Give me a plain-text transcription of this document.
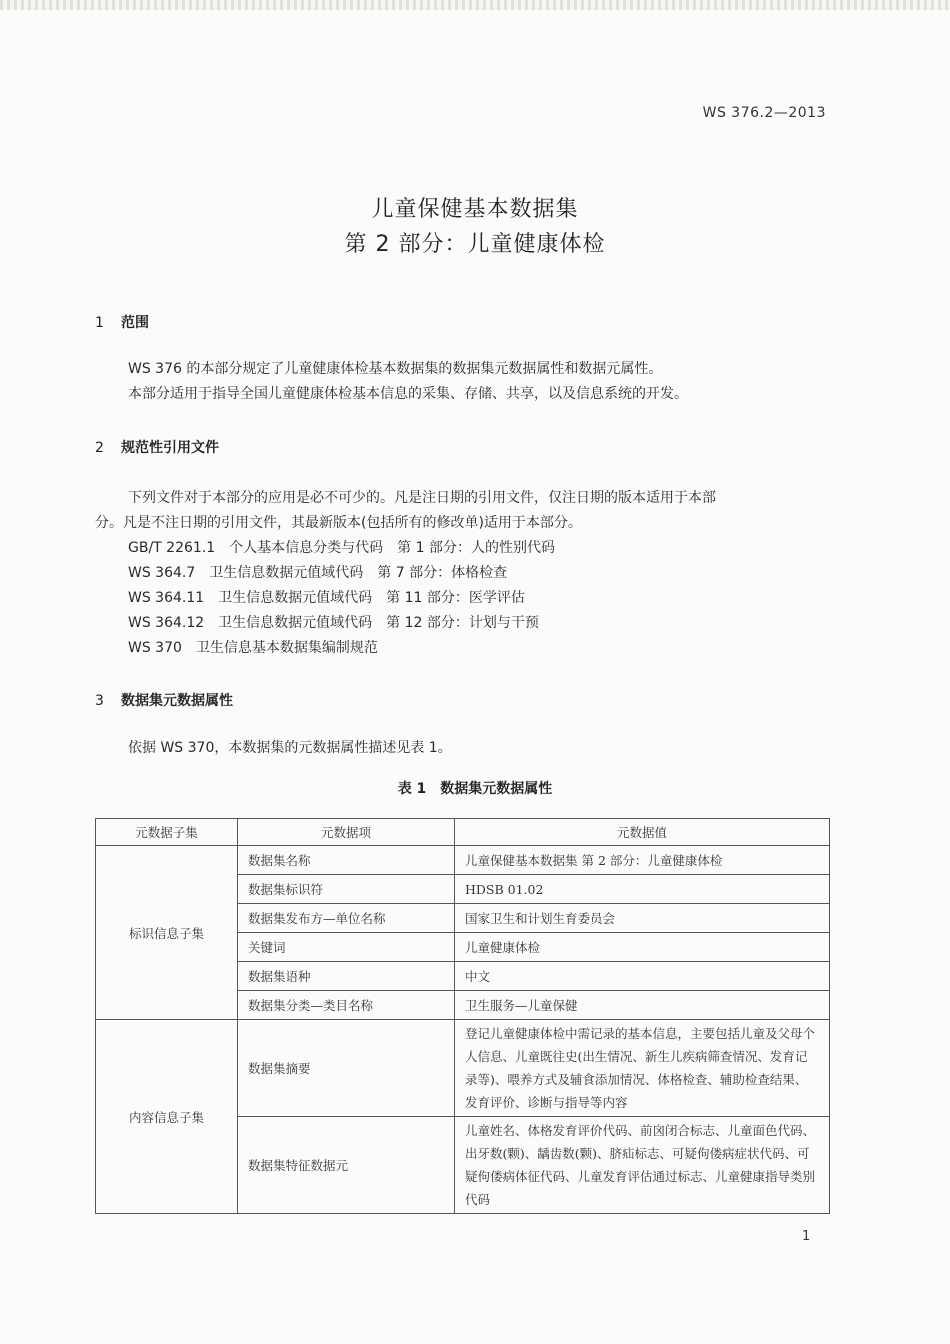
WS 376.2—2013
儿童保健基本数据集
第 2 部分：儿童健康体检
1 范围
WS 376 的本部分规定了儿童健康体检基本数据集的数据集元数据属性和数据元属性。
本部分适用于指导全国儿童健康体检基本信息的采集、存储、共享，以及信息系统的开发。
2 规范性引用文件
下列文件对于本部分的应用是必不可少的。凡是注日期的引用文件，仅注日期的版本适用于本部
分。凡是不注日期的引用文件，其最新版本(包括所有的修改单)适用于本部分。
GB/T 2261.1　 个人基本信息分类与代码　第 1 部分：人的性别代码
WS 364.7　 卫生信息数据元值域代码　第 7 部分：体格检查
WS 364.11　 卫生信息数据元值域代码　第 11 部分：医学评估
WS 364.12　 卫生信息数据元值域代码　第 12 部分：计划与干预
WS 370　 卫生信息基本数据集编制规范
3 数据集元数据属性
依据 WS 370，本数据集的元数据属性描述见表 1。
表 1　数据集元数据属性
元数据子集	元数据项	元数据值
标识信息子集	数据集名称	儿童保健基本数据集 第 2 部分：儿童健康体检
	数据集标识符	HDSB 01.02
	数据集发布方—单位名称	国家卫生和计划生育委员会
	关键词	儿童健康体检
	数据集语种	中文
	数据集分类—类目名称	卫生服务—儿童保健
内容信息子集	数据集摘要	登记儿童健康体检中需记录的基本信息，主要包括儿童及父母个人信息、儿童既往史(出生情况、新生儿疾病筛查情况、发育记录等)、喂养方式及辅食添加情况、体格检查、辅助检查结果、发育评价、诊断与指导等内容
	数据集特征数据元	儿童姓名、体格发育评价代码、前囟闭合标志、儿童面色代码、出牙数(颗)、龋齿数(颗)、脐疝标志、可疑佝偻病症状代码、可疑佝偻病体征代码、儿童发育评估通过标志、儿童健康指导类别代码
1
